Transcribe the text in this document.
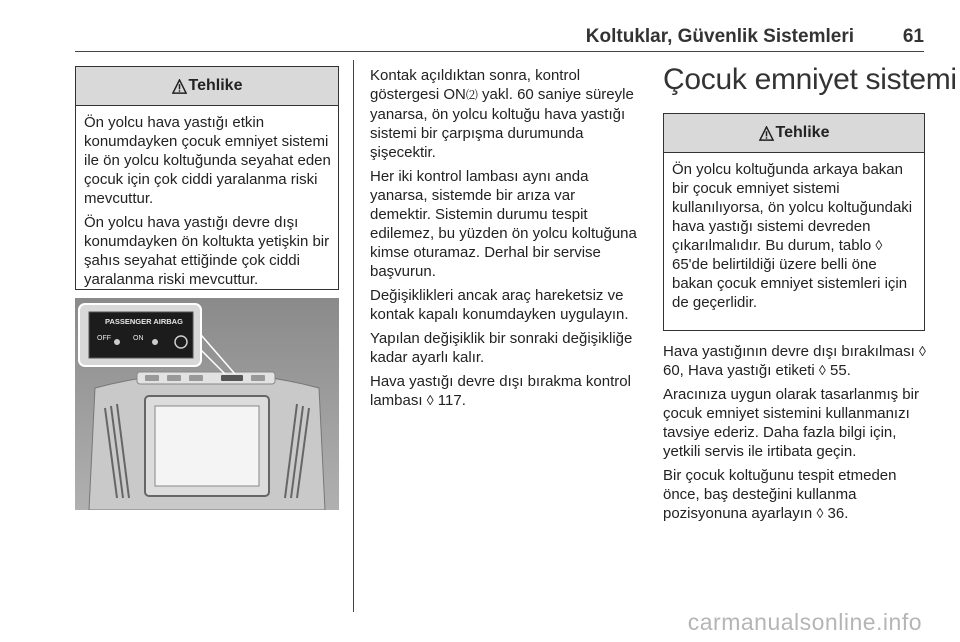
Koltuklar, Güvenlik Sistemleri	61
Tehlike

Ön yolcu hava yastığı etkin konumdayken çocuk emniyet sistemi ile ön yolcu koltuğunda seyahat eden çocuk için çok ciddi yaralanma riski mevcuttur.

Ön yolcu hava yastığı devre dışı konumdayken ön koltukta yetişkin bir şahıs seyahat ettiğinde çok ciddi yaralanma riski mevcuttur.

PASSENGER AIRBAG
OFF	ON

Kontak açıldıktan sonra, kontrol göstergesi ON⑵ yakl. 60 saniye süreyle yanarsa, ön yolcu koltuğu hava yastığı sistemi bir çarpışma durumunda şişecektir.

Her iki kontrol lambası aynı anda yanarsa, sistemde bir arıza var demektir. Sistemin durumu tespit edilemez, bu yüzden ön yolcu koltuğuna kimse oturamaz. Derhal bir servise başvurun.

Değişiklikleri ancak araç hareketsiz ve kontak kapalı konumdayken uygulayın.

Yapılan değişiklik bir sonraki değişikliğe kadar ayarlı kalır.

Hava yastığı devre dışı bırakma kontrol lambası ◊ 117.

Çocuk emniyet sistemi
Tehlike

Ön yolcu koltuğunda arkaya bakan bir çocuk emniyet sistemi kullanılıyorsa, ön yolcu koltuğundaki hava yastığı sistemi devreden çıkarılmalıdır. Bu durum, tablo ◊ 65'de belirtildiği üzere belli öne bakan çocuk emniyet sistemleri için de geçerlidir.

Hava yastığının devre dışı bırakılması ◊ 60, Hava yastığı etiketi ◊ 55.

Aracınıza uygun olarak tasarlanmış bir çocuk emniyet sistemini kullanmanızı tavsiye ederiz. Daha fazla bilgi için, yetkili servis ile irtibata geçin.

Bir çocuk koltuğunu tespit etmeden önce, baş desteğini kullanma pozisyonuna ayarlayın ◊ 36.

carmanualsonline.info
